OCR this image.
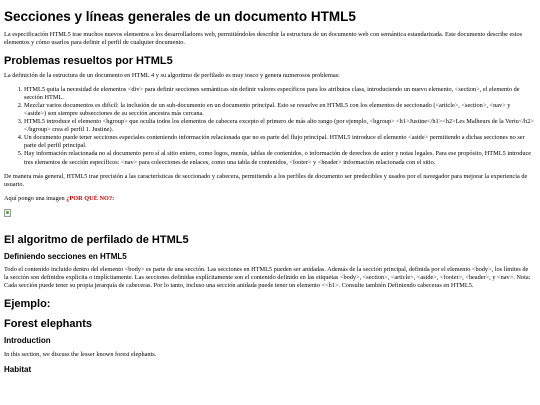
Secciones y líneas generales de un documento HTML5

La especificación HTML5 trae muchos nuevos elementos a los desarrolladores web, permitiéndoles describir la estructura de un documento web con semántica estandarizada. Este documento describe estos elementos y cómo usarlos para definir el perfil de cualquier documento.

Problemas resueltos por HTML5

La definición de la estructura de un documento en HTML 4 y su algoritmo de perfilado es muy tosco y genera numerosos problemas:

1. HTML5 quita la necesidad de elementos <div> para definir secciones semánticas sin definir valores específicos para los atributos class, introduciendo un nuevo elemento, <section>, el elemento de sección HTML.
2. Mezclar varios documentos es difícil: la inclusión de un sub-documento en un documento principal. Esto se resuelve en HTML5 con los elementos de seccionado (<article>, <section>, <nav> y <aside>) son siempre subsecciones de su sección ancestra más cercana.
3. HTML5 introduce el elemento <hgroup> que oculta todos los elementos de cabecera excepto el primero de más alto rango (por ejemplo, <hgroup> <h1>Justine</h1><h2>Les Malheurs de la Vertu</h2></hgroup> crea el perfil 1. Justine).
4. Un documento puede tener secciones especiales conteniendo información relacionada que no es parte del flujo principal. HTML5 introduce el elemento <aside> permitiendo a dichas secciones no ser parte del perfil principal.
5. Hay información relacionada no al documento pero sí al sitio entero, como logos, menús, tablas de contenidos, o información de derechos de autor y notas legales. Para ese propósito, HTML5 introduce tres elementos de sección específicos: <nav> para colecciones de enlaces, como una tabla de contenidos, <footer> y <header> información relacionada con el sitio.

De manera más general, HTML5 trae precisión a las características de seccionado y cabecera, permitiendo a los perfiles de documento ser predecibles y usados por el navegador para mejorar la experiencia de usuario.

Aquí pongo una imagen ¿POR QUÉ NO?:

El algoritmo de perfilado de HTML5
Definiendo secciones en HTML5

Todo el contenido incluido dentro del elemento <body> es parte de una sección. Las secciones en HTML5 pueden ser anidadas. Además de la sección principal, definida por el elemento <body>, los límites de la sección son definidos explícita o implícitamente. Las secciones definidas explícitamente son el contenido definido en las etiquetas <body>, <section>, <article>, <aside>, <footer>, <header>, y <nav>. Nota: Cada sección puede tener su propia jerarquía de cabeceras. Por lo tanto, incluso una sección anidada puede tener un elemento <<h1>. Consulte también Definiendo cabeceras en HTML5.

Ejemplo:
Forest elephants
Introduction

In this section, we discuss the lesser known forest elephants.

Habitat
